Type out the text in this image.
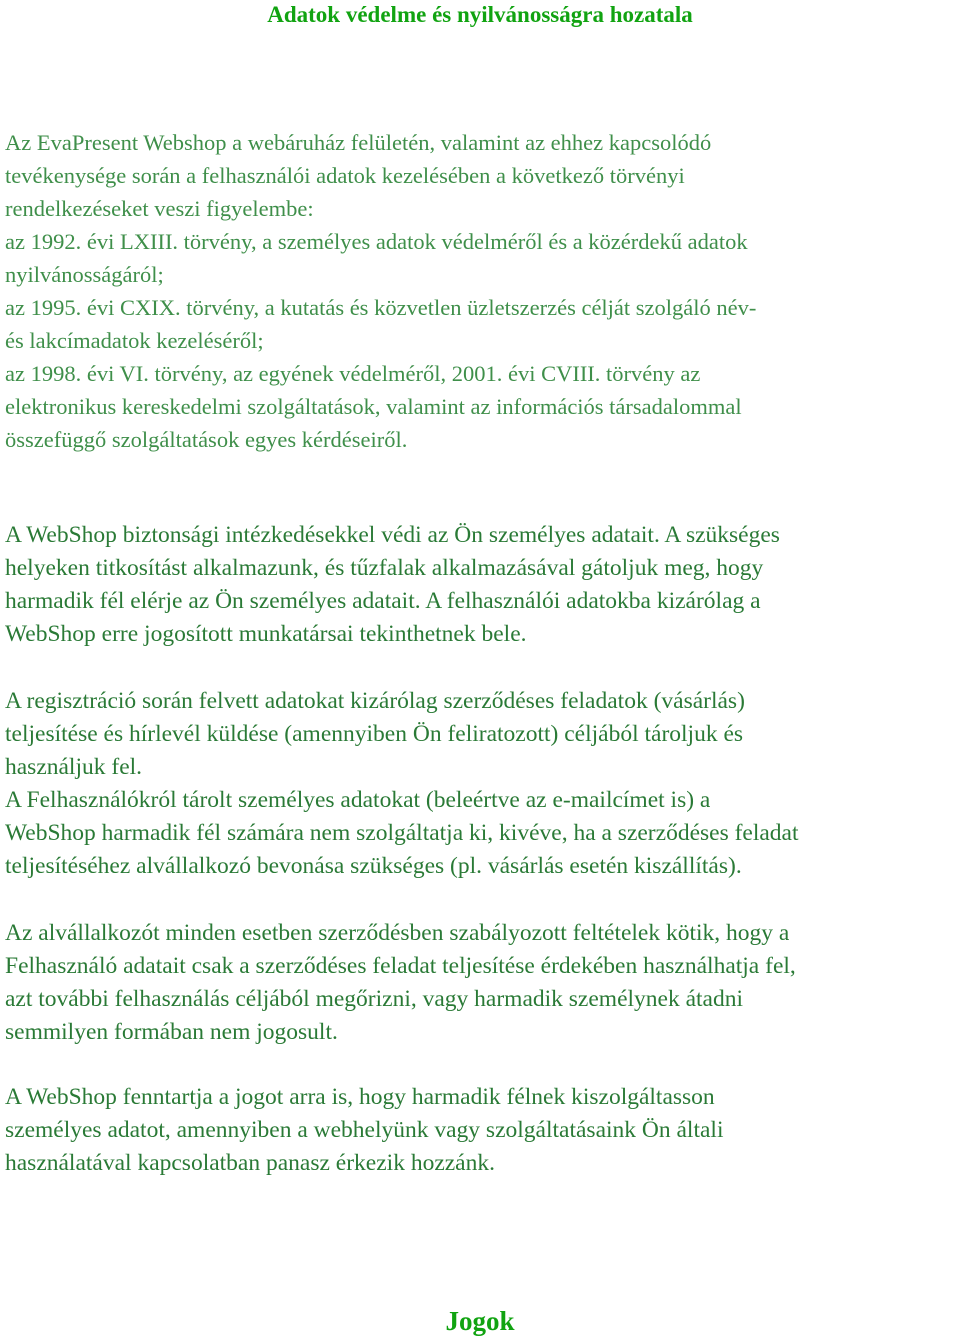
Adatok védelme és nyilvánosságra hozatala

Az EvaPresent Webshop a webáruház felületén, valamint az ehhez kapcsolódó
tevékenysége során a felhasználói adatok kezelésében a következő törvényi
rendelkezéseket veszi figyelembe:
az 1992. évi LXIII. törvény, a személyes adatok védelméről és a közérdekű adatok
nyilvánosságáról;
az 1995. évi CXIX. törvény, a kutatás és közvetlen üzletszerzés célját szolgáló név-
és lakcímadatok kezeléséről;
az 1998. évi VI. törvény, az egyének védelméről, 2001. évi CVIII. törvény az
elektronikus kereskedelmi szolgáltatások, valamint az információs társadalommal
összefüggő szolgáltatások egyes kérdéseiről.

A WebShop biztonsági intézkedésekkel védi az Ön személyes adatait. A szükséges
helyeken titkosítást alkalmazunk, és tűzfalak alkalmazásával gátoljuk meg, hogy
harmadik fél elérje az Ön személyes adatait. A felhasználói adatokba kizárólag a
WebShop erre jogosított munkatársai tekinthetnek bele.

A regisztráció során felvett adatokat kizárólag szerződéses feladatok (vásárlás)
teljesítése és hírlevél küldése (amennyiben Ön feliratozott) céljából tároljuk és
használjuk fel.
A Felhasználókról tárolt személyes adatokat (beleértve az e-mailcímet is) a
WebShop harmadik fél számára nem szolgáltatja ki, kivéve, ha a szerződéses feladat
teljesítéséhez alvállalkozó bevonása szükséges (pl. vásárlás esetén kiszállítás).

Az alvállalkozót minden esetben szerződésben szabályozott feltételek kötik, hogy a
Felhasználó adatait csak a szerződéses feladat teljesítése érdekében használhatja fel,
azt további felhasználás céljából megőrizni, vagy harmadik személynek átadni
semmilyen formában nem jogosult.

A WebShop fenntartja a jogot arra is, hogy harmadik félnek kiszolgáltasson
személyes adatot, amennyiben a webhelyünk vagy szolgáltatásaink Ön általi
használatával kapcsolatban panasz érkezik hozzánk.

Jogok
